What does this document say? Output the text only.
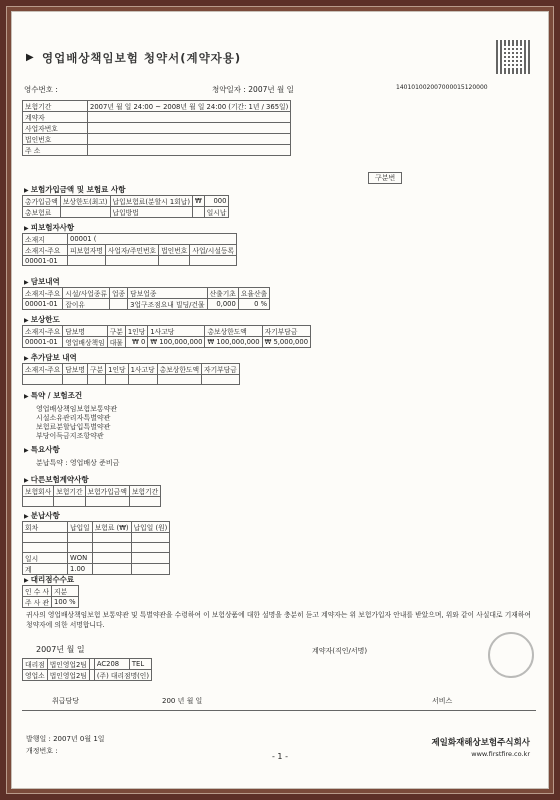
▶ 영업배상책임보험 청약서(계약자용)
영수번호 :	청약일자 : 2007년 월 일	140101002007000015120000
보험기간	2007년 월 일 24:00 ~ 2008년 월 일 24:00 (기간: 1년 / 365일)
계약자	
사업자번호	
법인번호	
주 소	
구분번
▶ 보험가입금액 및 보험료 사항
총가입금액	보상한도(최고)	납입보험료(분할시 1회납)	₩	000
총보험료		납입방법		일시납
▶ 피보험자사항
소재지	00001 (			
소재지-주요	피보험자명	사업자/주민번호	법인번호	사업/시설등록
00001-01				
▶ 담보내역
소재지-주요	시설/사업종류	업종	담보업종	산출기초	요율산출
00001-01	잡이유		3업구조점요내 빌딩/건물	0,000	0 %
▶ 보상한도
소재지-주요	담보명	구분	1인당	1사고당	총보상한도액	자기부담금
00001-01	영업배상책임	대물	₩ 0	₩ 100,000,000	₩ 100,000,000	₩ 5,000,000
▶ 추가담보 내역
소재지-주요	담보명	구분	1인당	1사고당	총보상한도액	자기부담금

▶ 특약 / 보험조건
영업배상책임보험보통약관
시설소유관리자특별약관
보험료분할납입특별약관
부당이득금지조항약관
▶ 특요사항
분납특약 : 영업배상 준비금
▶ 다른보험계약사항
보험회사	보험기간	보험가입금액	보험기간

▶ 분납사항
회차	납입일	보험료 (₩)	납입일 (원)

일시	WON		
계	1.00		
▶ 대리점수수료
인 수 사	지분
주 사 관	100 %
귀사의 영업배상책임보험 보통약관 및 특별약관을 수령하여 이 보험상품에 대한 설명을 충분히 듣고 계약자는 위 보험가입자 안내를 받았으며, 위와 같이 사실대로 기재하여 청약자에 의한 서명합니다.
2007년 월 일	계약자(직인/서명)
대리점	법인영업2팀		AC208	TEL
영업소	법인영업2팀		(주) 대리점명(인)	
취급담당	200 년 월 일	서비스
발행일 : 2007년 0월 1일
개정번호 :
- 1 -
제일화재해상보험주식회사
www.firstfire.co.kr
